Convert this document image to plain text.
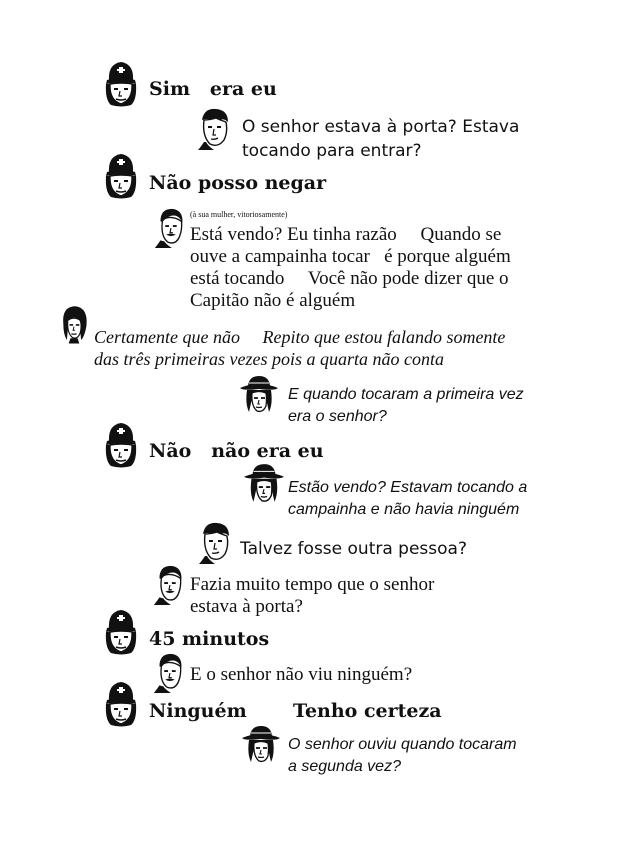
Sim   era eu

O senhor estava à porta? Estava

tocando para entrar?

Não posso negar

(à sua mulher, vitoriosamente)

Está vendo? Eu tinha razão     Quando se

ouve a campainha tocar   é porque alguém

está tocando     Você não pode dizer que o

Capitão não é alguém

Certamente que não     Repito que estou falando somente

das três primeiras vezes pois a quarta não conta

E quando tocaram a primeira vez

era o senhor?

Não   não era eu

Estão vendo? Estavam tocando a

campainha e não havia ninguém

Talvez fosse outra pessoa?

Fazia muito tempo que o senhor

estava à porta?

45 minutos

E o senhor não viu ninguém?

Ninguém       Tenho certeza

O senhor ouviu quando tocaram

a segunda vez?
